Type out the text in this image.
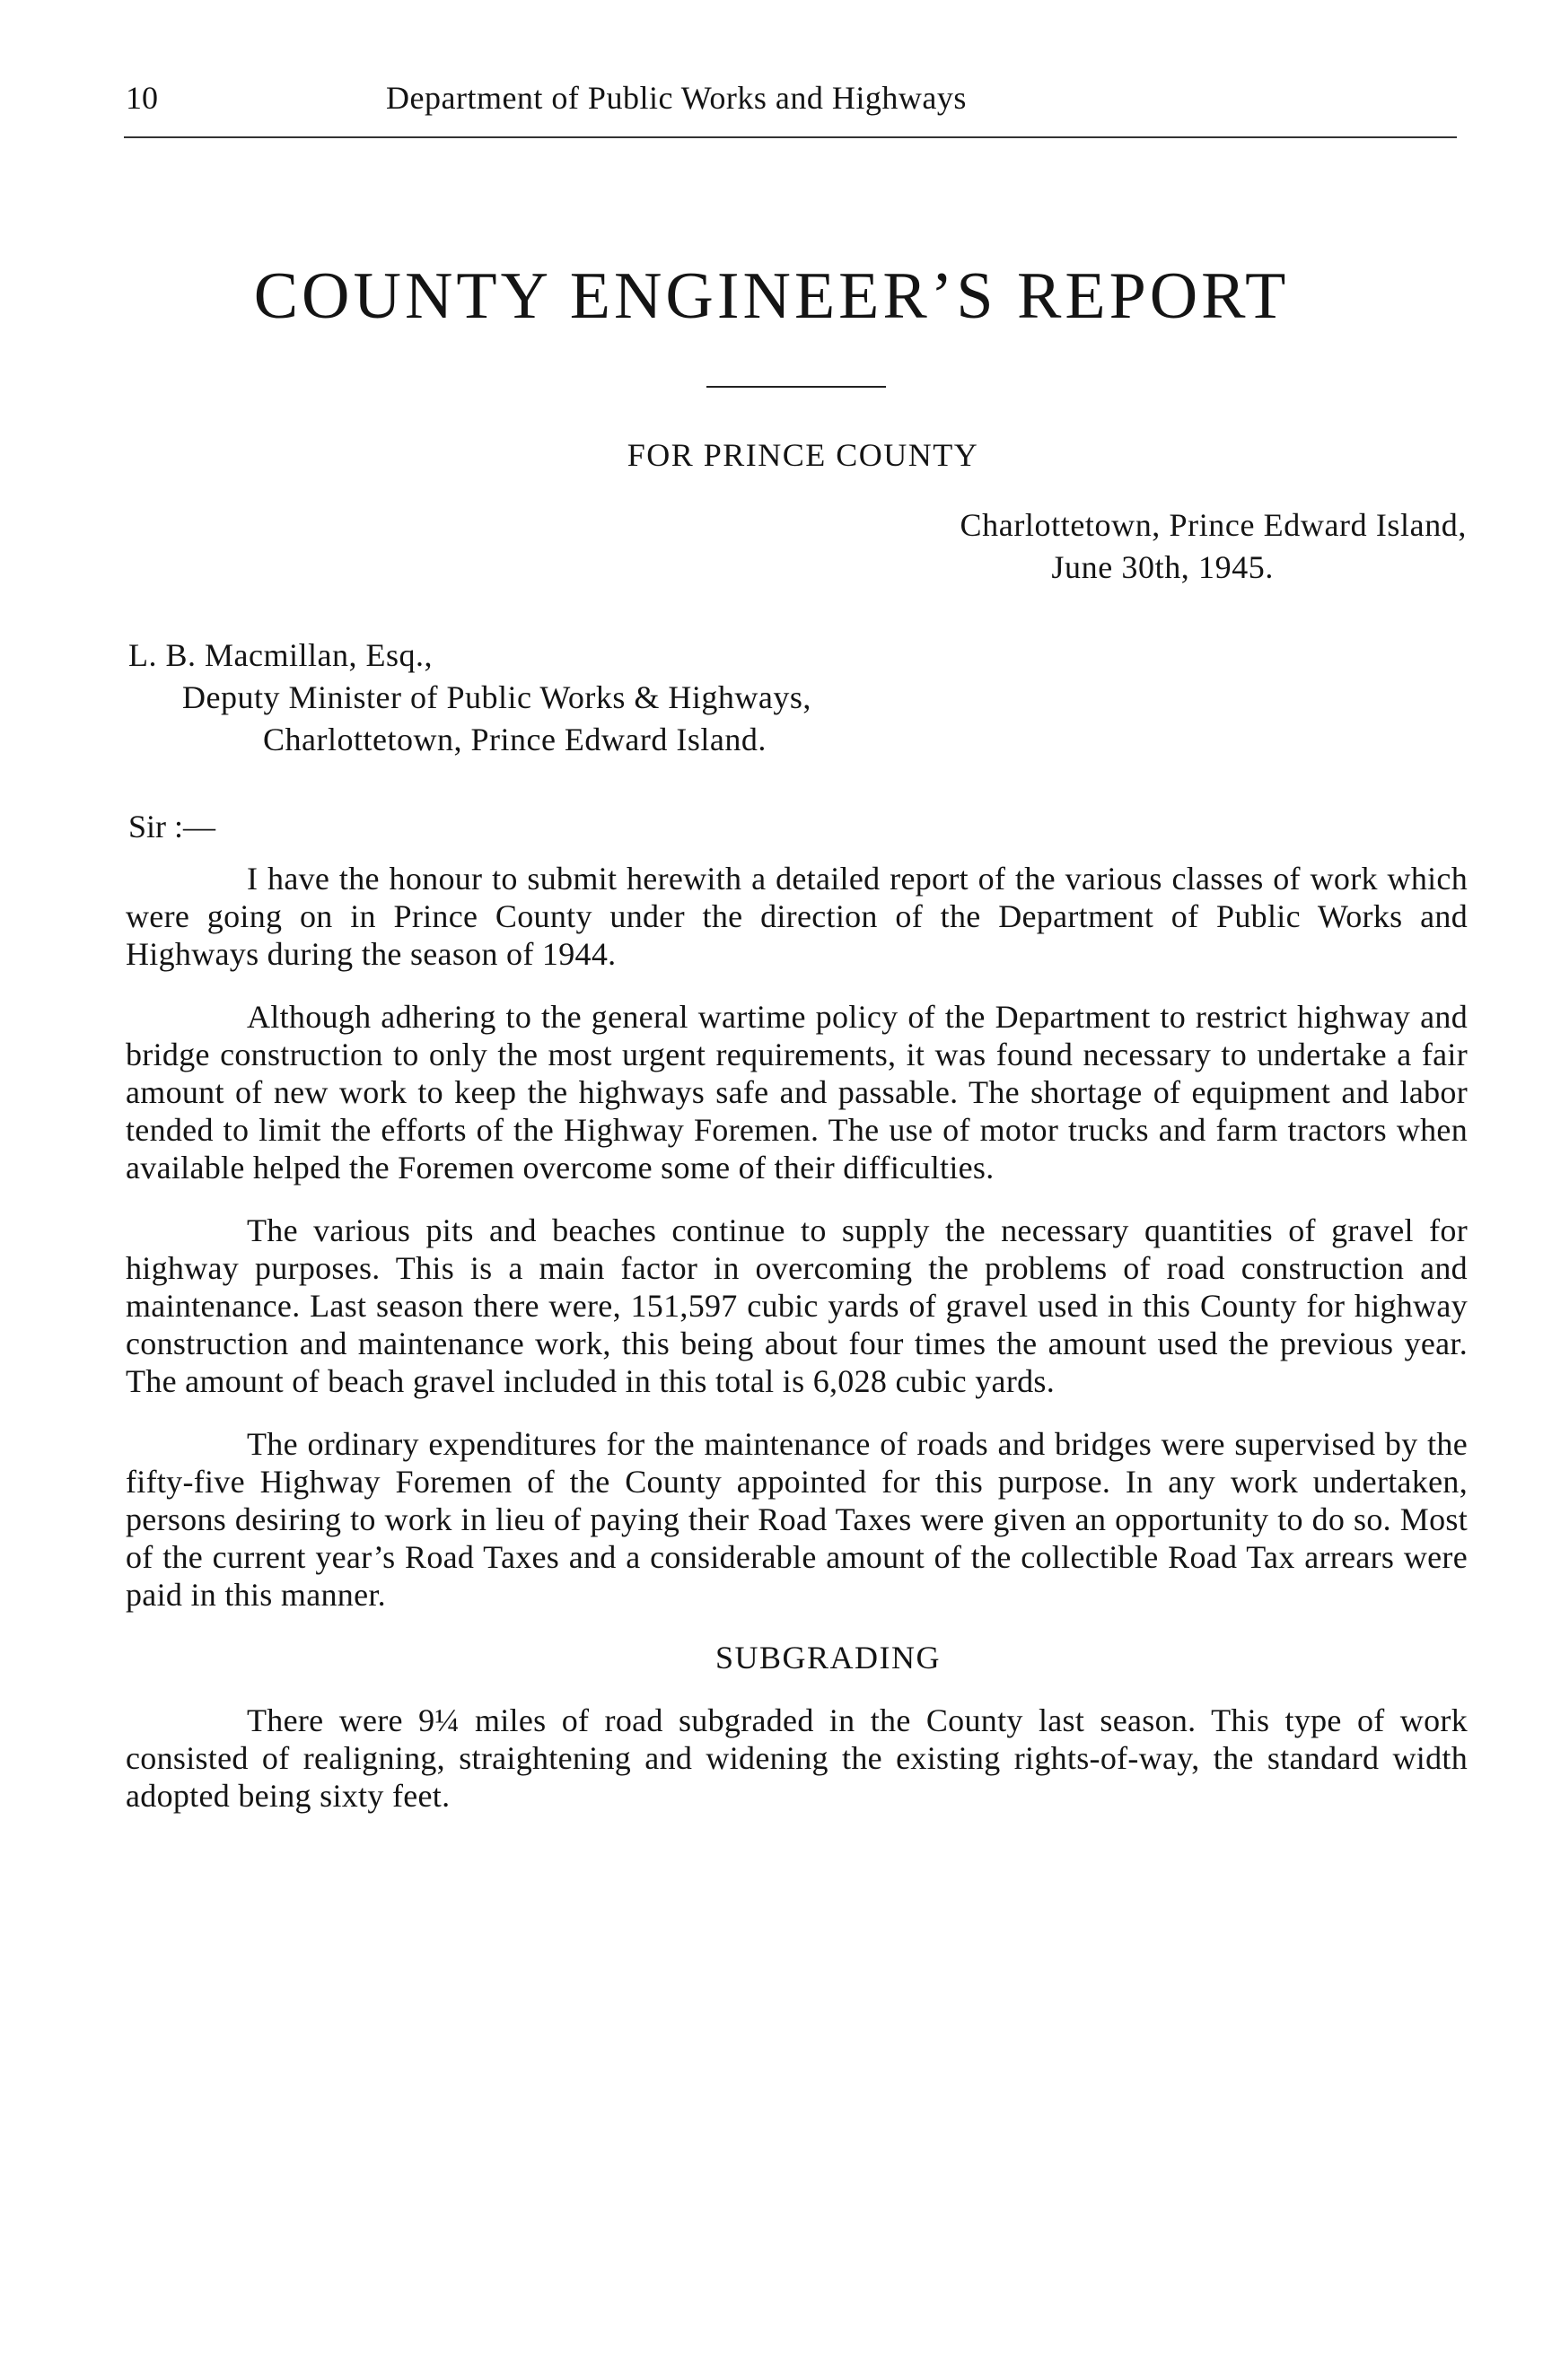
10	Department of Public Works and Highways
COUNTY ENGINEER’S REPORT
FOR PRINCE COUNTY
Charlottetown, Prince Edward Island,
June 30th, 1945.
L. B. Macmillan, Esq.,
Deputy Minister of Public Works & Highways,
Charlottetown, Prince Edward Island.
Sir :—

I have the honour to submit herewith a detailed report of the various classes of work which were going on in Prince County under the direction of the Department of Public Works and Highways during the season of 1944.

Although adhering to the general wartime policy of the Department to restrict highway and bridge construction to only the most urgent requirements, it was found necessary to undertake a fair amount of new work to keep the highways safe and passable. The shortage of equipment and labor tended to limit the efforts of the Highway Foremen. The use of motor trucks and farm tractors when available helped the Foremen overcome some of their difficulties.

The various pits and beaches continue to supply the necessary quantities of gravel for highway purposes. This is a main factor in overcoming the problems of road construction and maintenance. Last season there were, 151,597 cubic yards of gravel used in this County for highway construction and maintenance work, this being about four times the amount used the previous year. The amount of beach gravel included in this total is 6,028 cubic yards.

The ordinary expenditures for the maintenance of roads and bridges were supervised by the fifty-five Highway Foremen of the County appointed for this purpose. In any work undertaken, persons desiring to work in lieu of paying their Road Taxes were given an opportunity to do so. Most of the current year’s Road Taxes and a considerable amount of the collectible Road Tax arrears were paid in this manner.

SUBGRADING

There were 9¼ miles of road subgraded in the County last season. This type of work consisted of realigning, straightening and widening the existing rights-of-way, the standard width adopted being sixty feet.
